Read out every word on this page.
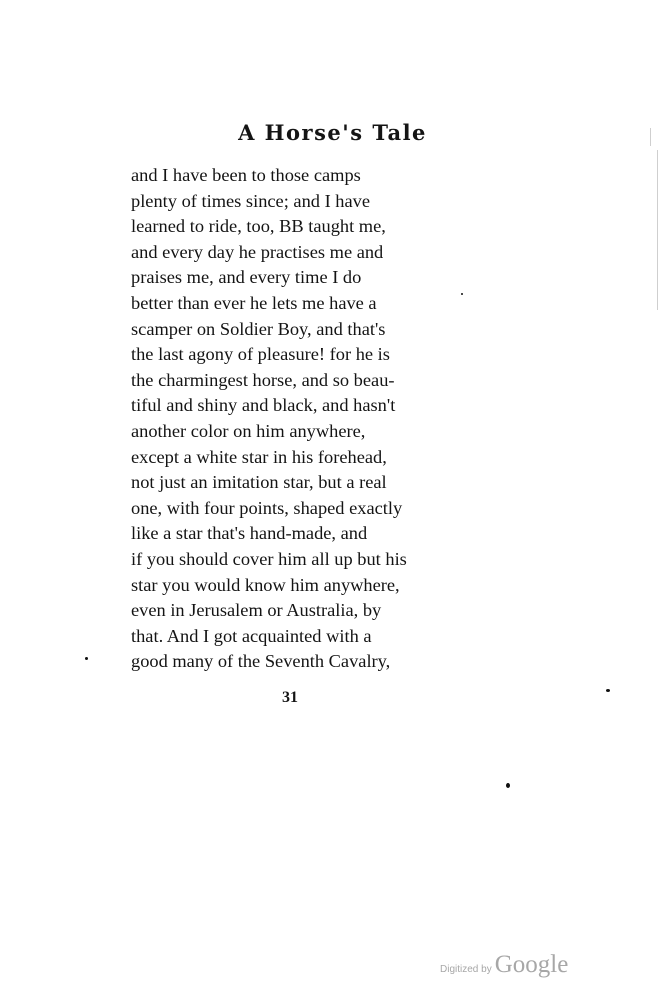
A Horse's Tale
and I have been to those camps
plenty of times since; and I have
learned to ride, too, BB taught me,
and every day he practises me and
praises me, and every time I do
better than ever he lets me have a
scamper on Soldier Boy, and that's
the last agony of pleasure! for he is
the charmingest horse, and so beau-
tiful and shiny and black, and hasn't
another color on him anywhere,
except a white star in his forehead,
not just an imitation star, but a real
one, with four points, shaped exactly
like a star that's hand-made, and
if you should cover him all up but his
star you would know him anywhere,
even in Jerusalem or Australia, by
that. And I got acquainted with a
good many of the Seventh Cavalry,
31
Digitized by Google
